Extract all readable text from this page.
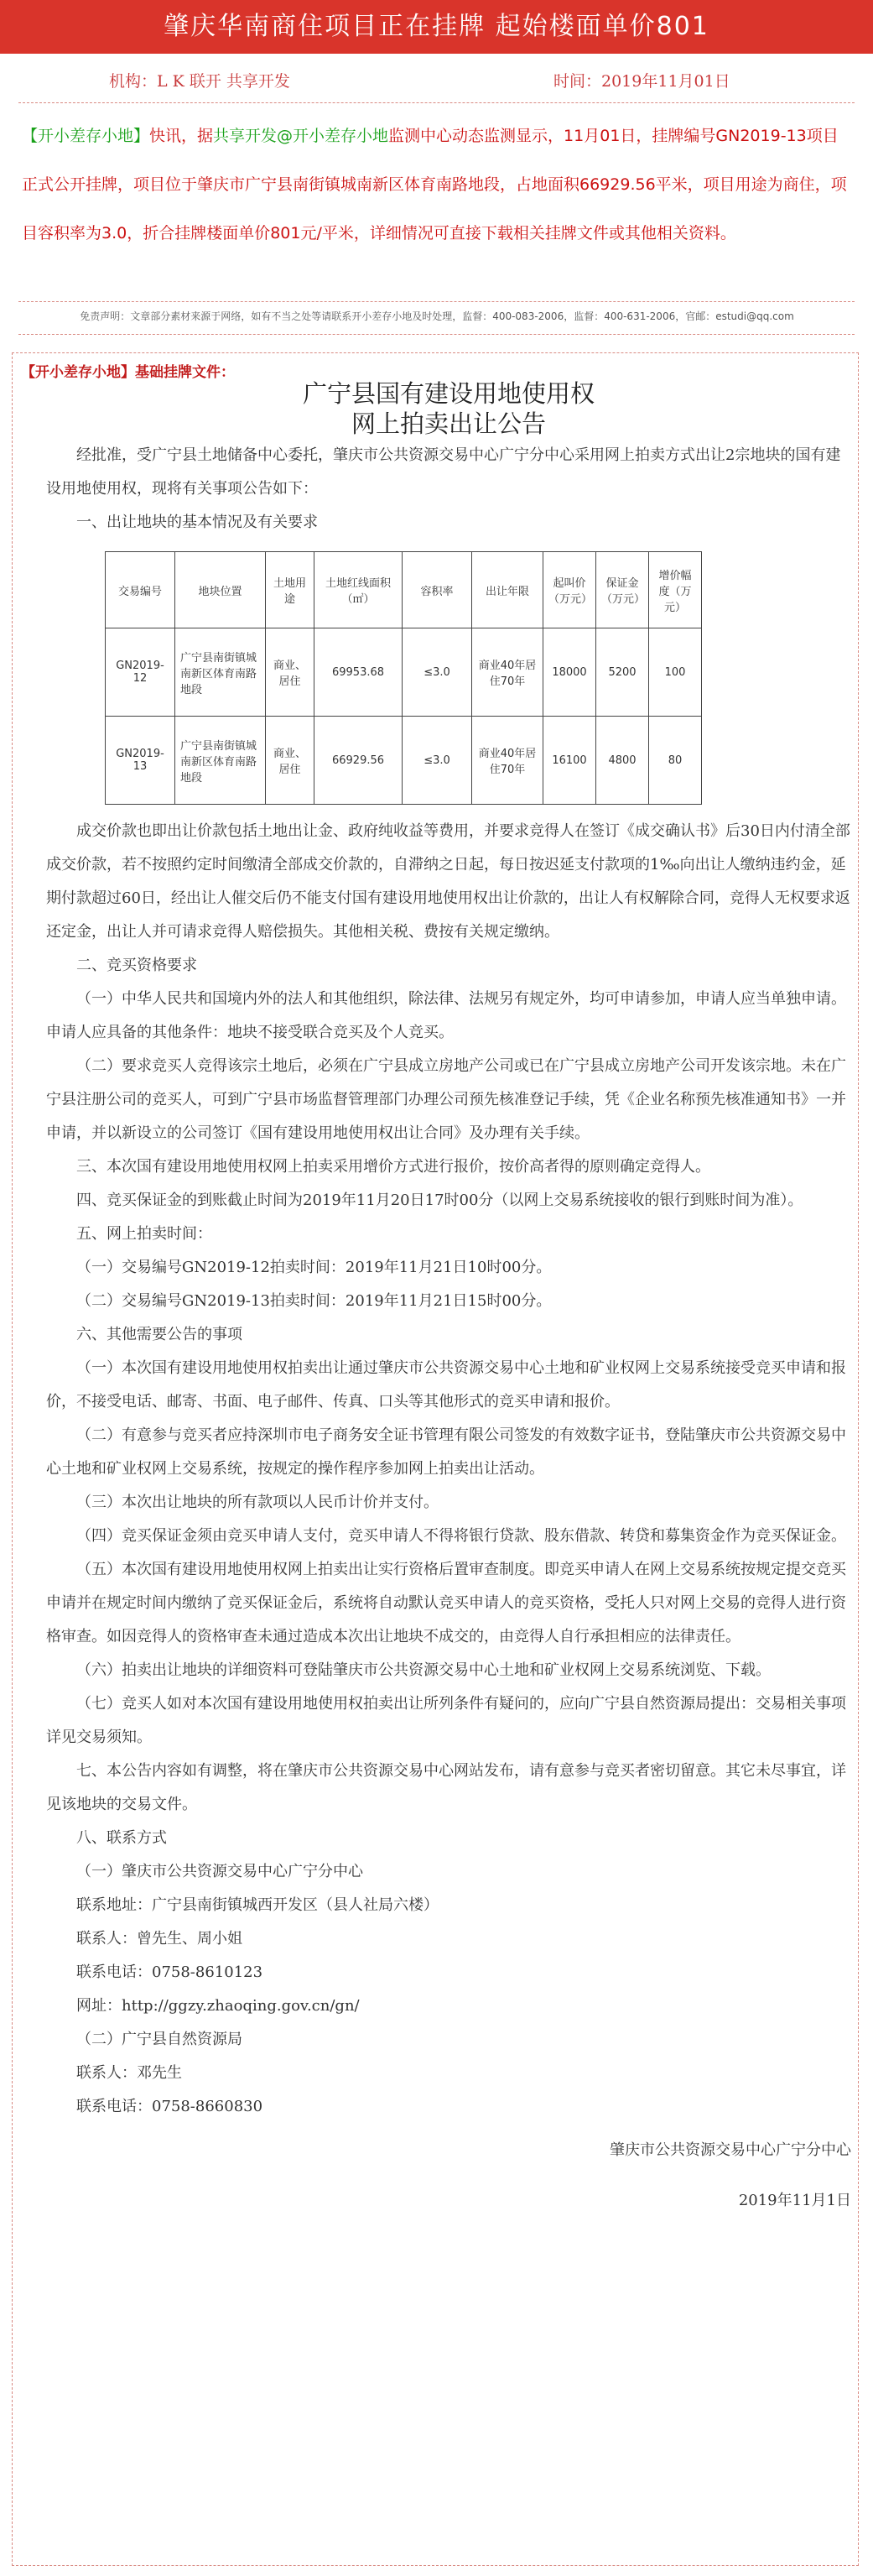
肇庆华南商住项目正在挂牌 起始楼面单价801
机构：L K 联开 共享开发	时间：2019年11月01日
【开小差存小地】快讯，据共享开发@开小差存小地监测中心动态监测显示，11月01日，挂牌编号GN2019-13项目正式公开挂牌，项目位于肇庆市广宁县南街镇城南新区体育南路地段，占地面积66929.56平米，项目用途为商住，项目容积率为3.0，折合挂牌楼面单价801元/平米，详细情况可直接下载相关挂牌文件或其他相关资料。
免责声明：文章部分素材来源于网络，如有不当之处等请联系开小差存小地及时处理，监督：400-083-2006，监督：400-631-2006，官邮：estudi@qq.com
【开小差存小地】基础挂牌文件：
广宁县国有建设用地使用权
网上拍卖出让公告

经批准，受广宁县土地储备中心委托，肇庆市公共资源交易中心广宁分中心采用网上拍卖方式出让2宗地块的国有建设用地使用权，现将有关事项公告如下：

一、出让地块的基本情况及有关要求

交易编号	地块位置	土地用途	土地红线面积（㎡）	容积率	出让年限	起叫价（万元）	保证金（万元）	增价幅度（万元）
GN2019-12	广宁县南街镇城南新区体育南路地段	商业、居住	69953.68	≤3.0	商业40年居住70年	18000	5200	100
GN2019-13	广宁县南街镇城南新区体育南路地段	商业、居住	66929.56	≤3.0	商业40年居住70年	16100	4800	80

成交价款也即出让价款包括土地出让金、政府纯收益等费用，并要求竞得人在签订《成交确认书》后30日内付清全部成交价款，若不按照约定时间缴清全部成交价款的，自滞纳之日起，每日按迟延支付款项的1‰向出让人缴纳违约金，延期付款超过60日，经出让人催交后仍不能支付国有建设用地使用权出让价款的，出让人有权解除合同，竞得人无权要求返还定金，出让人并可请求竞得人赔偿损失。其他相关税、费按有关规定缴纳。

二、竞买资格要求

（一）中华人民共和国境内外的法人和其他组织，除法律、法规另有规定外，均可申请参加，申请人应当单独申请。申请人应具备的其他条件：地块不接受联合竞买及个人竞买。

（二）要求竞买人竞得该宗土地后，必须在广宁县成立房地产公司或已在广宁县成立房地产公司开发该宗地。未在广宁县注册公司的竞买人，可到广宁县市场监督管理部门办理公司预先核准登记手续，凭《企业名称预先核准通知书》一并申请，并以新设立的公司签订《国有建设用地使用权出让合同》及办理有关手续。

三、本次国有建设用地使用权网上拍卖采用增价方式进行报价，按价高者得的原则确定竞得人。

四、竞买保证金的到账截止时间为2019年11月20日17时00分（以网上交易系统接收的银行到账时间为准）。

五、网上拍卖时间：

（一）交易编号GN2019-12拍卖时间：2019年11月21日10时00分。

（二）交易编号GN2019-13拍卖时间：2019年11月21日15时00分。

六、其他需要公告的事项

（一）本次国有建设用地使用权拍卖出让通过肇庆市公共资源交易中心土地和矿业权网上交易系统接受竞买申请和报价，不接受电话、邮寄、书面、电子邮件、传真、口头等其他形式的竞买申请和报价。

（二）有意参与竞买者应持深圳市电子商务安全证书管理有限公司签发的有效数字证书，登陆肇庆市公共资源交易中心土地和矿业权网上交易系统，按规定的操作程序参加网上拍卖出让活动。

（三）本次出让地块的所有款项以人民币计价并支付。

（四）竞买保证金须由竞买申请人支付，竞买申请人不得将银行贷款、股东借款、转贷和募集资金作为竞买保证金。

（五）本次国有建设用地使用权网上拍卖出让实行资格后置审查制度。即竞买申请人在网上交易系统按规定提交竞买申请并在规定时间内缴纳了竞买保证金后，系统将自动默认竞买申请人的竞买资格，受托人只对网上交易的竞得人进行资格审查。如因竞得人的资格审查未通过造成本次出让地块不成交的，由竞得人自行承担相应的法律责任。

（六）拍卖出让地块的详细资料可登陆肇庆市公共资源交易中心土地和矿业权网上交易系统浏览、下载。

（七）竞买人如对本次国有建设用地使用权拍卖出让所列条件有疑问的，应向广宁县自然资源局提出：交易相关事项详见交易须知。

七、本公告内容如有调整，将在肇庆市公共资源交易中心网站发布，请有意参与竞买者密切留意。其它未尽事宜，详见该地块的交易文件。

八、联系方式

（一）肇庆市公共资源交易中心广宁分中心

联系地址：广宁县南街镇城西开发区（县人社局六楼）

联系人：曾先生、周小姐

联系电话：0758-8610123

网址：http://ggzy.zhaoqing.gov.cn/gn/

（二）广宁县自然资源局

联系人：邓先生

联系电话：0758-8660830

肇庆市公共资源交易中心广宁分中心

2019年11月1日
